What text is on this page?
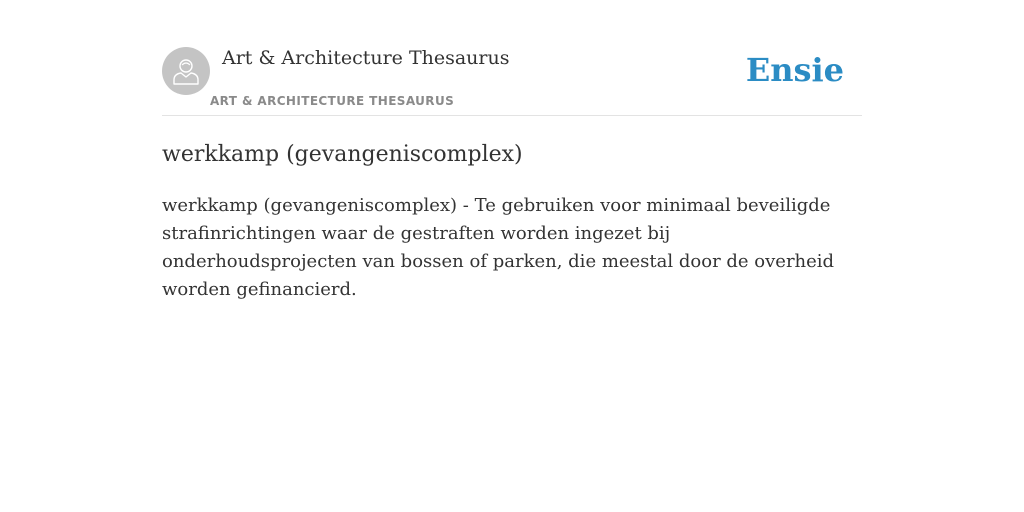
Art & Architecture Thesaurus
ART & ARCHITECTURE THESAURUS
Ensie
werkkamp (gevangeniscomplex)
werkkamp (gevangeniscomplex) - Te gebruiken voor minimaal beveiligde strafinrichtingen waar de gestraften worden ingezet bij onderhoudsprojecten van bossen of parken, die meestal door de overheid worden gefinancierd.
